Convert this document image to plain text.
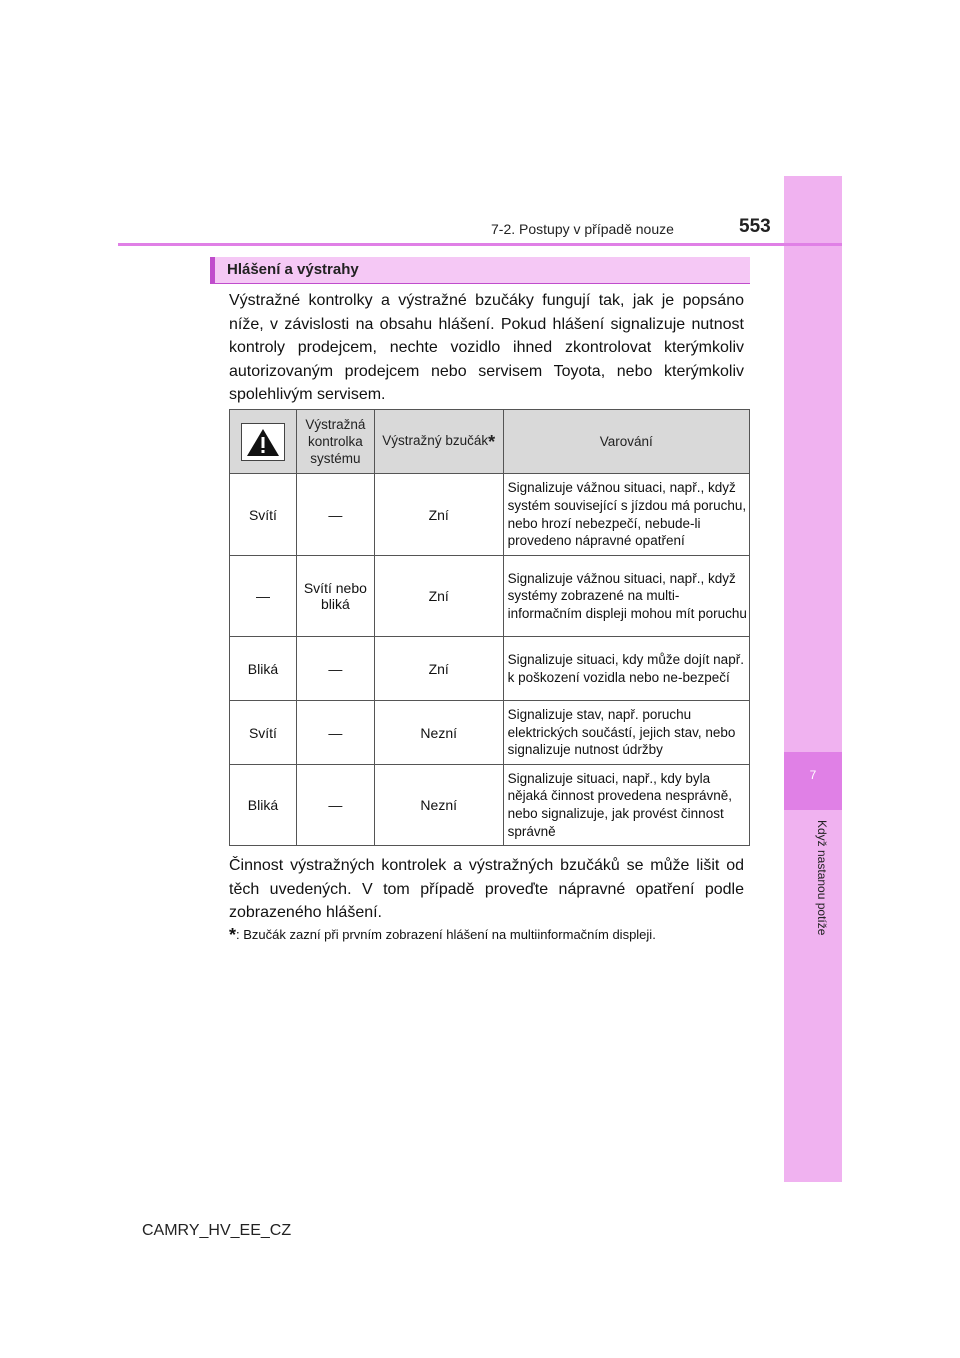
7
Když nastanou potíže
7-2. Postupy v případě nouze	553
Hlášení a výstrahy
Výstražné kontrolky a výstražné bzučáky fungují tak, jak je popsáno níže, v závislosti na obsahu hlášení. Pokud hlášení signalizuje nutnost kontroly prodejcem, nechte vozidlo ihned zkontrolovat kterýmkoliv autorizovaným prodejcem nebo servisem Toyota, nebo kterýmkoliv spolehlivým servisem.
	Výstražná kontrolka systému	Výstražný bzučák*	Varování
Svítí	—	Zní	Signalizuje vážnou situaci, např., když systém související s jízdou má poruchu, nebo hrozí nebezpečí, nebude-li provedeno nápravné opatření
—	Svítí nebo bliká	Zní	Signalizuje vážnou situaci, např., když systémy zobrazené na multi-informačním displeji mohou mít poruchu
Bliká	—	Zní	Signalizuje situaci, kdy může dojít např. k poškození vozidla nebo ne-bezpečí
Svítí	—	Nezní	Signalizuje stav, např. poruchu elektrických součástí, jejich stav, nebo signalizuje nutnost údržby
Bliká	—	Nezní	Signalizuje situaci, např., kdy byla nějaká činnost provedena nesprávně, nebo signalizuje, jak provést činnost správně
Činnost výstražných kontrolek a výstražných bzučáků se může lišit od těch uvedených. V tom případě proveďte nápravné opatření podle zobrazeného hlášení.
*: Bzučák zazní při prvním zobrazení hlášení na multiinformačním displeji.
CAMRY_HV_EE_CZ
